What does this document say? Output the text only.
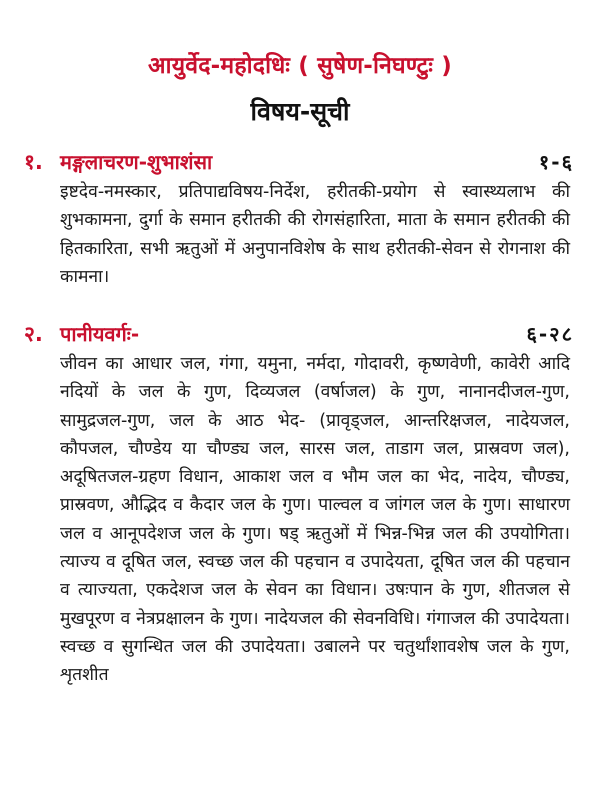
आयुर्वेद-महोदधिः ( सुषेण-निघण्टुः )
विषय-सूची
१. मङ्गलाचरण-शुभाशंसा	१-६
इष्टदेव-नमस्कार, प्रतिपाद्यविषय-निर्देश, हरीतकी-प्रयोग से स्वास्थ्यलाभ की शुभकामना, दुर्गा के समान हरीतकी की रोगसंहारिता, माता के समान हरीतकी की हितकारिता, सभी ऋतुओं में अनुपानविशेष के साथ हरीतकी-सेवन से रोगनाश की कामना।
२. पानीयवर्गः-	६-२८
जीवन का आधार जल, गंगा, यमुना, नर्मदा, गोदावरी, कृष्णवेणी, कावेरी आदि नदियों के जल के गुण, दिव्यजल (वर्षाजल) के गुण, नानानदीजल-गुण, सामुद्रजल-गुण, जल के आठ भेद- (प्रावृड्जल, आन्तरिक्षजल, नादेयजल, कौपजल, चौण्डेय या चौण्ड्य जल, सारस जल, ताडाग जल, प्रास्रवण जल), अदूषितजल-ग्रहण विधान, आकाश जल व भौम जल का भेद, नादेय, चौण्ड्य, प्रास्रवण, औद्भिद व कैदार जल के गुण। पाल्वल व जांगल जल के गुण। साधारण जल व आनूपदेशज जल के गुण। षड् ऋतुओं में भिन्न-भिन्न जल की उपयोगिता। त्याज्य व दूषित जल, स्वच्छ जल की पहचान व उपादेयता, दूषित जल की पहचान व त्याज्यता, एकदेशज जल के सेवन का विधान। उषःपान के गुण, शीतजल से मुखपूरण व नेत्रप्रक्षालन के गुण। नादेयजल की सेवनविधि। गंगाजल की उपादेयता। स्वच्छ व सुगन्धित जल की उपादेयता। उबालने पर चतुर्थांशावशेष जल के गुण, शृतशीत
